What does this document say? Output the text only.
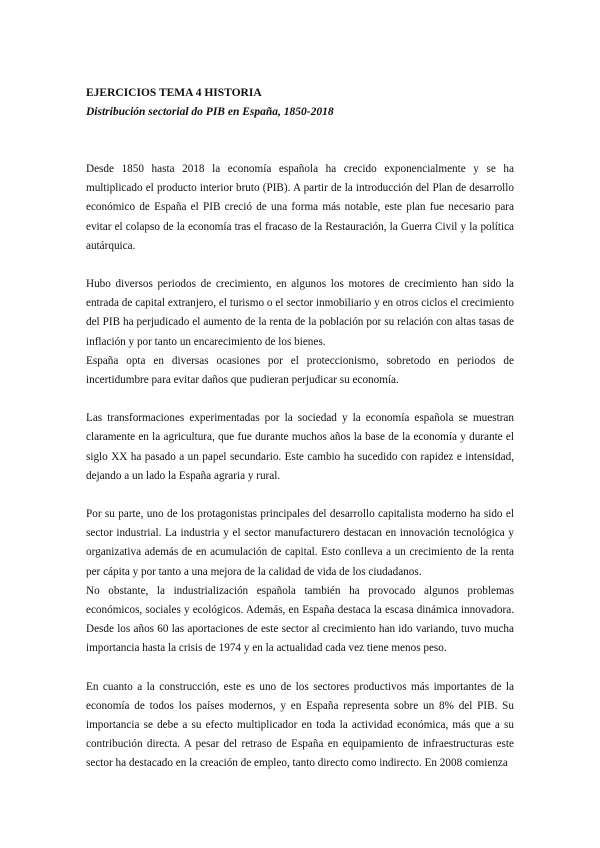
EJERCICIOS TEMA 4 HISTORIA

Distribución sectorial do PIB en España, 1850-2018

Desde 1850 hasta 2018 la economía española ha crecido exponencialmente y se ha multiplicado el producto interior bruto (PIB). A partir de la introducción del Plan de desarrollo económico de España el PIB creció de una forma más notable, este plan fue necesario para evitar el colapso de la economía tras el fracaso de la Restauración, la Guerra Civil y la política autárquica.

Hubo diversos periodos de crecimiento, en algunos los motores de crecimiento han sido la entrada de capital extranjero, el turismo o el sector inmobiliario y en otros ciclos el crecimiento del PIB ha perjudicado el aumento de la renta de la población por su relación con altas tasas de inflación y por tanto un encarecimiento de los bienes.

España opta en diversas ocasiones por el proteccionismo, sobretodo en periodos de incertidumbre para evitar daños que pudieran perjudicar su economía.

Las transformaciones experimentadas por la sociedad y la economía española se muestran claramente en la agricultura, que fue durante muchos años la base de la economía y durante el siglo XX ha pasado a un papel secundario. Este cambio ha sucedido con rapidez e intensidad, dejando a un lado la España agraria y rural.

Por su parte, uno de los protagonistas principales del desarrollo capitalista moderno ha sido el sector industrial. La industria y el sector manufacturero destacan en innovación tecnológica y organizativa además de en acumulación de capital. Esto conlleva a un crecimiento de la renta per cápita y por tanto a una mejora de la calidad de vida de los ciudadanos.

No obstante, la industrialización española también ha provocado algunos problemas económicos, sociales y ecológicos. Además, en España destaca la escasa dinámica innovadora. Desde los años 60 las aportaciones de este sector al crecimiento han ido variando, tuvo mucha importancia hasta la crisis de 1974 y en la actualidad cada vez tiene menos peso.

En cuanto a la construcción, este es uno de los sectores productivos más importantes de la economía de todos los países modernos, y en España representa sobre un 8% del PIB. Su importancia se debe a su efecto multiplicador en toda la actividad económica, más que a su contribución directa. A pesar del retraso de España en equipamiento de infraestructuras este sector ha destacado en la creación de empleo, tanto directo como indirecto. En 2008 comienza
